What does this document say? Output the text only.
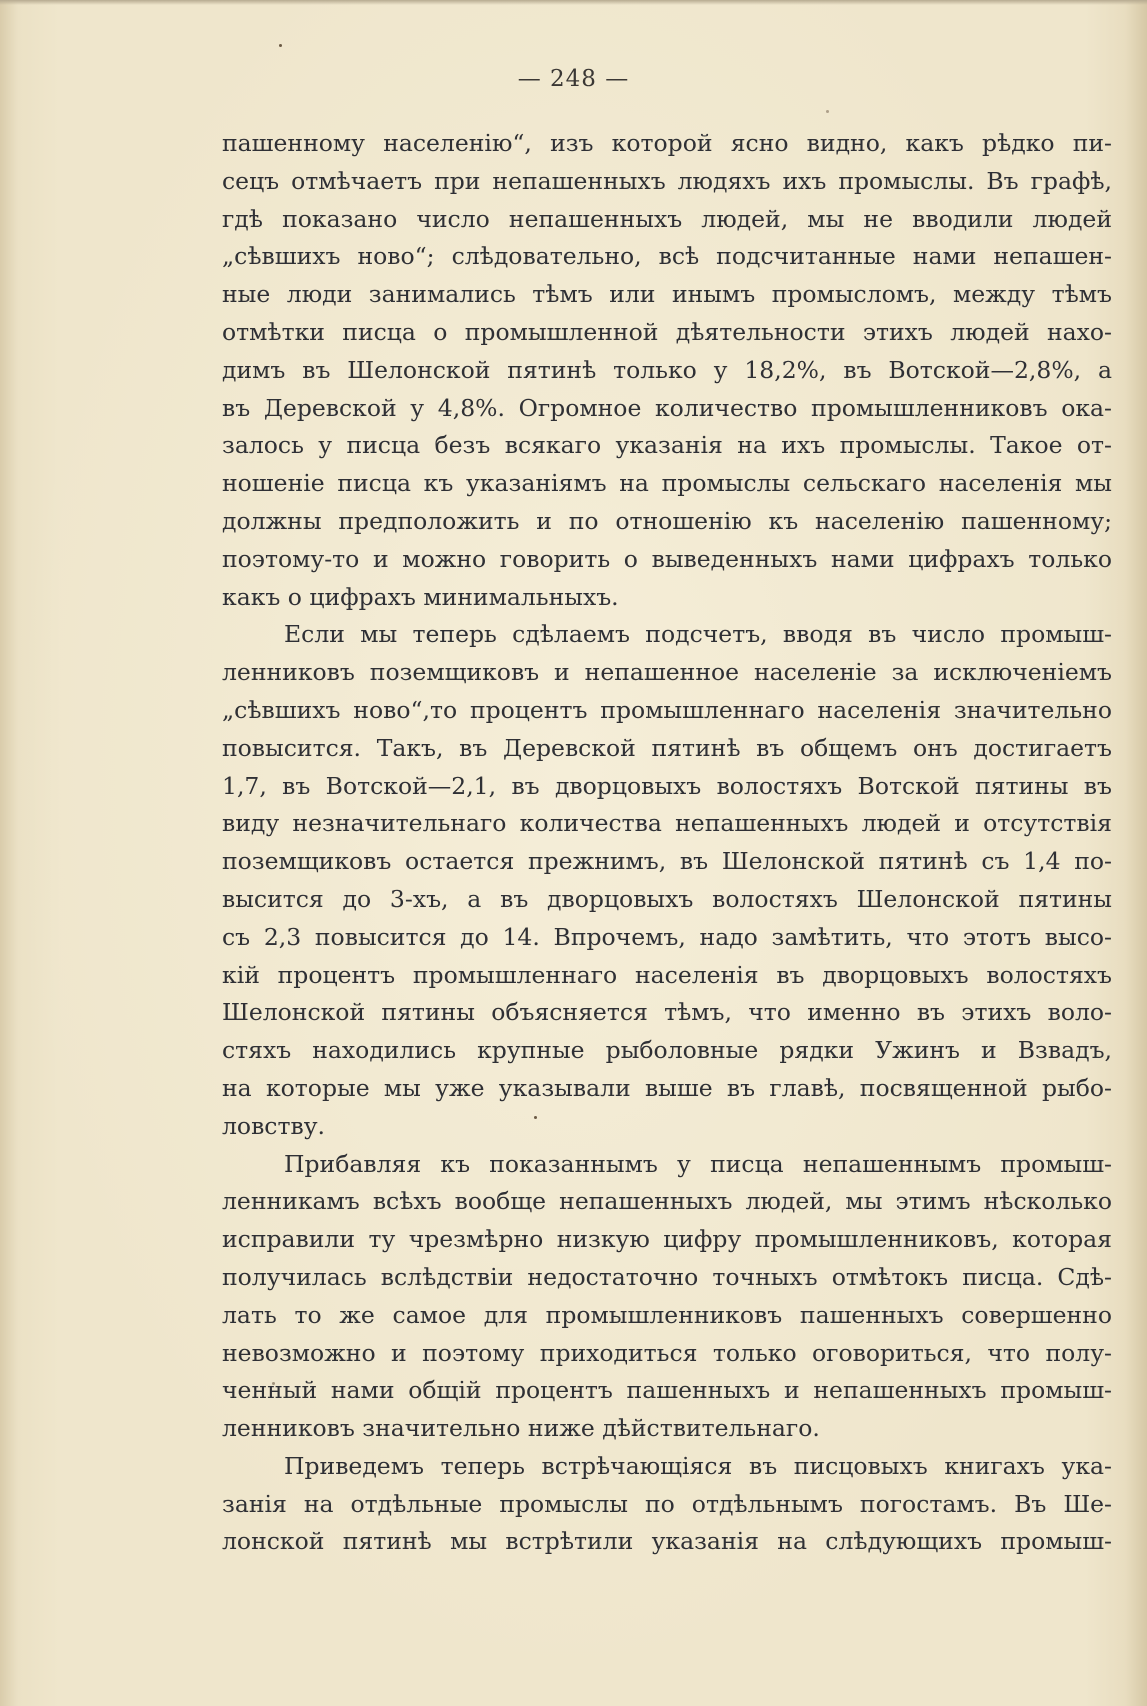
— 248 —
пашенному населенію“, изъ которой ясно видно, какъ рѣдко пи-
сецъ отмѣчаетъ при непашенныхъ людяхъ ихъ промыслы. Въ графѣ,
гдѣ показано число непашенныхъ людей, мы не вводили людей
„сѣвшихъ ново“; слѣдовательно, всѣ подсчитанные нами непашен-
ные люди занимались тѣмъ или инымъ промысломъ, между тѣмъ
отмѣтки писца о промышленной дѣятельности этихъ людей нахо-
димъ въ Шелонской пятинѣ только у 18,2%, въ Вотской—2,8%, а
въ Деревской у 4,8%. Огромное количество промышленниковъ ока-
залось у писца безъ всякаго указанія на ихъ промыслы. Такое от-
ношеніе писца къ указаніямъ на промыслы сельскаго населенія мы
должны предположить и по отношенію къ населенію пашенному;
поэтому-то и можно говорить о выведенныхъ нами цифрахъ только
какъ о цифрахъ минимальныхъ.
Если мы теперь сдѣлаемъ подсчетъ, вводя въ число промыш-
ленниковъ поземщиковъ и непашенное населеніе за исключеніемъ
„сѣвшихъ ново“,то процентъ промышленнаго населенія значительно
повысится. Такъ, въ Деревской пятинѣ въ общемъ онъ достигаетъ
1,7, въ Вотской—2,1, въ дворцовыхъ волостяхъ Вотской пятины въ
виду незначительнаго количества непашенныхъ людей и отсутствія
поземщиковъ остается прежнимъ, въ Шелонской пятинѣ съ 1,4 по-
высится до 3-хъ, а въ дворцовыхъ волостяхъ Шелонской пятины
съ 2,3 повысится до 14. Впрочемъ, надо замѣтить, что этотъ высо-
кій процентъ промышленнаго населенія въ дворцовыхъ волостяхъ
Шелонской пятины объясняется тѣмъ, что именно въ этихъ воло-
стяхъ находились крупные рыболовные рядки Ужинъ и Взвадъ,
на которые мы уже указывали выше въ главѣ, посвященной рыбо-
ловству.
Прибавляя къ показаннымъ у писца непашеннымъ промыш-
ленникамъ всѣхъ вообще непашенныхъ людей, мы этимъ нѣсколько
исправили ту чрезмѣрно низкую цифру промышленниковъ, которая
получилась вслѣдствіи недостаточно точныхъ отмѣтокъ писца. Сдѣ-
лать то же самое для промышленниковъ пашенныхъ совершенно
невозможно и поэтому приходиться только оговориться, что полу-
ченный нами общій процентъ пашенныхъ и непашенныхъ промыш-
ленниковъ значительно ниже дѣйствительнаго.
Приведемъ теперь встрѣчающіяся въ писцовыхъ книгахъ ука-
занія на отдѣльные промыслы по отдѣльнымъ погостамъ. Въ Ше-
лонской пятинѣ мы встрѣтили указанія на слѣдующихъ промыш-
